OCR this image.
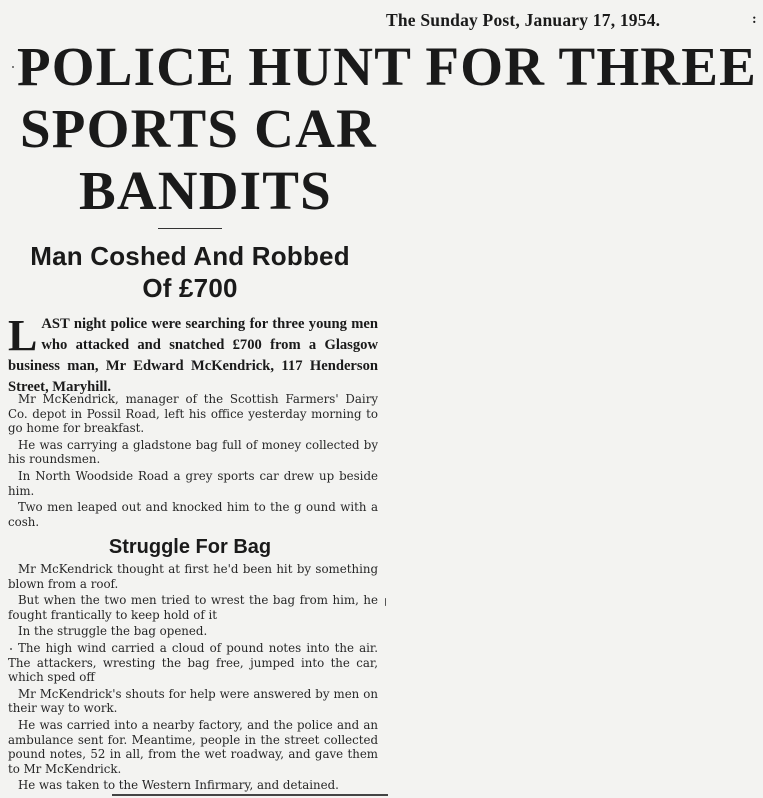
The Sunday Post, January 17, 1954.	:
POLICE HUNT FOR THREE
SPORTS CAR
BANDITS
Man Coshed And Robbed
Of £700

LAST night police were searching for three young men who attacked and snatched £700 from a Glasgow business man, Mr Edward McKendrick, 117 Henderson Street, Maryhill.

Mr McKendrick, manager of the Scottish Farmers' Dairy Co. depot in Possil Road, left his office yesterday morning to go home for breakfast.

He was carrying a gladstone bag full of money collected by his roundsmen.

In North Woodside Road a grey sports car drew up beside him.

Two men leaped out and knocked him to the g ound with a cosh.

Struggle For Bag

Mr McKendrick thought at first he'd been hit by something blown from a roof.

But when the two men tried to wrest the bag from him, he fought frantically to keep hold of it

In the struggle the bag opened.

The high wind carried a cloud of pound notes into the air. The attackers, wresting the bag free, jumped into the car, which sped off

Mr McKendrick's shouts for help were answered by men on their way to work.

He was carried into a nearby factory, and the police and an ambulance sent for. Meantime, people in the street collected pound notes, 52 in all, from the wet roadway, and gave them to Mr McKendrick.

He was taken to the Western Infirmary, and detained.
